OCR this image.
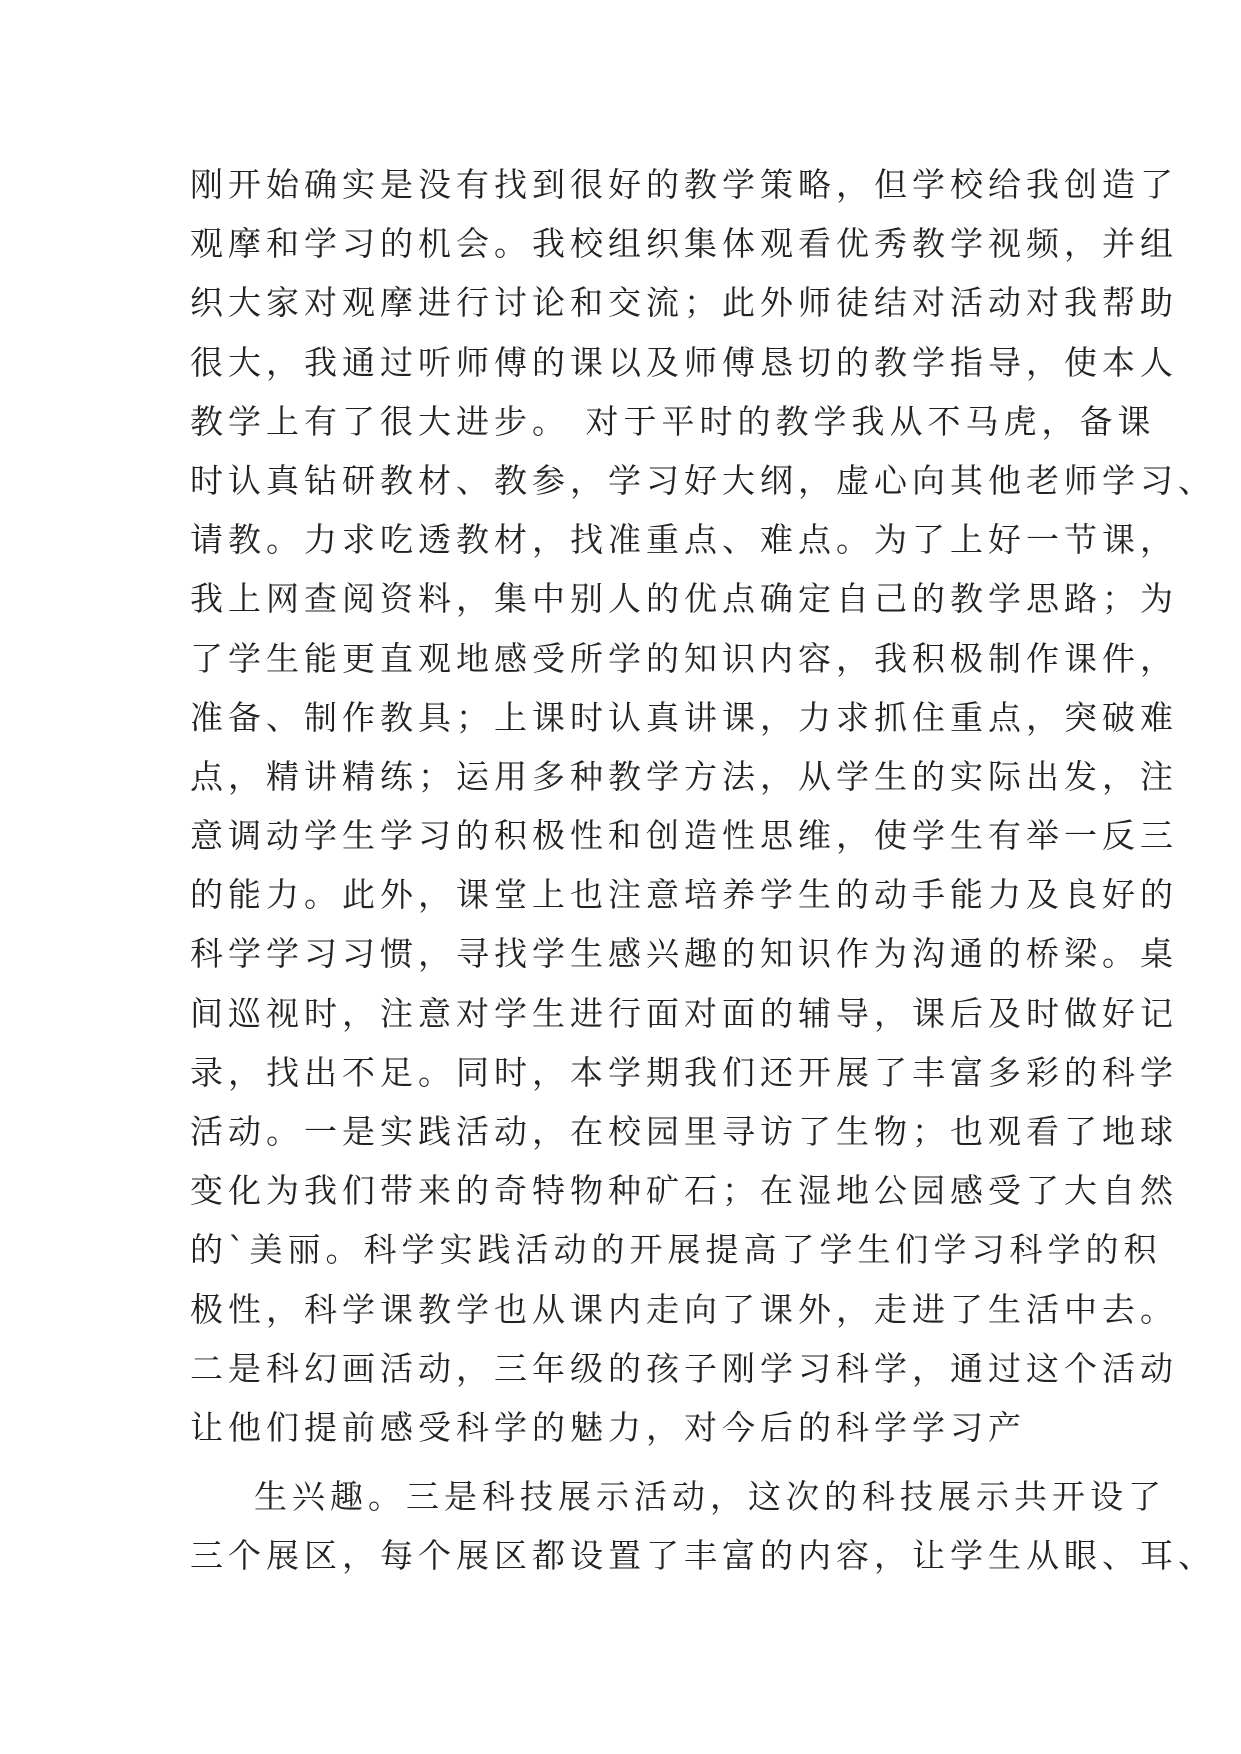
刚开始确实是没有找到很好的教学策略，但学校给我创造了
观摩和学习的机会。我校组织集体观看优秀教学视频，并组
织大家对观摩进行讨论和交流；此外师徒结对活动对我帮助
很大，我通过听师傅的课以及师傅恳切的教学指导，使本人
教学上有了很大进步。 对于平时的教学我从不马虎，备课
时认真钻研教材、教参，学习好大纲，虚心向其他老师学习、
请教。力求吃透教材，找准重点、难点。为了上好一节课，
我上网查阅资料，集中别人的优点确定自己的教学思路；为
了学生能更直观地感受所学的知识内容，我积极制作课件，
准备、制作教具；上课时认真讲课，力求抓住重点，突破难
点，精讲精练；运用多种教学方法，从学生的实际出发，注
意调动学生学习的积极性和创造性思维，使学生有举一反三
的能力。此外，课堂上也注意培养学生的动手能力及良好的
科学学习习惯，寻找学生感兴趣的知识作为沟通的桥梁。桌
间巡视时，注意对学生进行面对面的辅导，课后及时做好记
录，找出不足。同时，本学期我们还开展了丰富多彩的科学
活动。一是实践活动，在校园里寻访了生物；也观看了地球
变化为我们带来的奇特物种矿石；在湿地公园感受了大自然
的`美丽。科学实践活动的开展提高了学生们学习科学的积
极性，科学课教学也从课内走向了课外，走进了生活中去。
二是科幻画活动，三年级的孩子刚学习科学，通过这个活动
让他们提前感受科学的魅力，对今后的科学学习产
生兴趣。三是科技展示活动，这次的科技展示共开设了
三个展区，每个展区都设置了丰富的内容，让学生从眼、耳、
